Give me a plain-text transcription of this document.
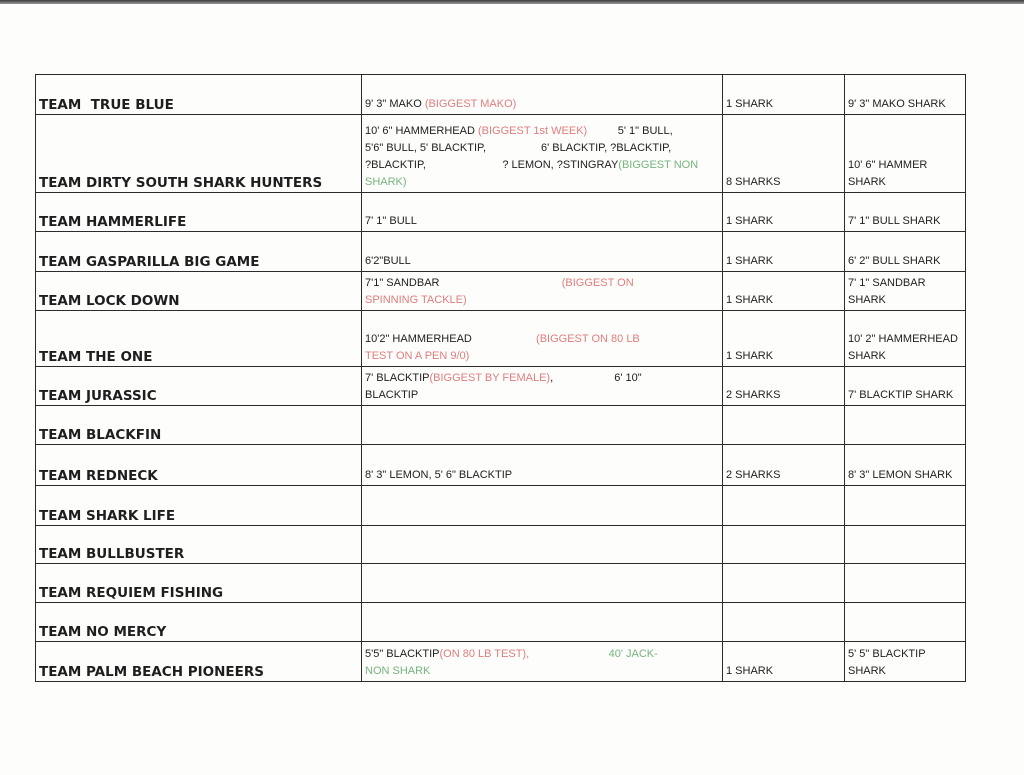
TEAM  TRUE BLUE	9' 3" MAKO (BIGGEST MAKO)	1 SHARK	9' 3" MAKO SHARK
TEAM DIRTY SOUTH SHARK HUNTERS	10' 6" HAMMERHEAD (BIGGEST 1st WEEK)          5' 1" BULL,
5'6" BULL, 5' BLACKTIP,                  6' BLACKTIP, ?BLACKTIP,
?BLACKTIP,                         ? LEMON, ?STINGRAY(BIGGEST NON
SHARK)	8 SHARKS	10' 6" HAMMER SHARK
TEAM HAMMERLIFE	7' 1" BULL	1 SHARK	7' 1" BULL SHARK
TEAM GASPARILLA BIG GAME	6'2"BULL	1 SHARK	6' 2" BULL SHARK
TEAM LOCK DOWN	7'1" SANDBAR                                        (BIGGEST ON
SPINNING TACKLE)	1 SHARK	7' 1" SANDBAR SHARK
TEAM THE ONE	10'2" HAMMERHEAD                     (BIGGEST ON 80 LB
TEST ON A PEN 9/0)	1 SHARK	10' 2" HAMMERHEAD SHARK
TEAM JURASSIC	7' BLACKTIP(BIGGEST BY FEMALE),                    6' 10"
BLACKTIP	2 SHARKS	7' BLACKTIP SHARK
TEAM BLACKFIN	

TEAM REDNECK	8' 3" LEMON, 5' 6" BLACKTIP	2 SHARKS	8' 3" LEMON SHARK
TEAM SHARK LIFE	

TEAM BULLBUSTER	

TEAM REQUIEM FISHING	

TEAM NO MERCY	

TEAM PALM BEACH PIONEERS	5'5" BLACKTIP(ON 80 LB TEST),                          40' JACK-
NON SHARK	1 SHARK	5' 5" BLACKTIP SHARK
